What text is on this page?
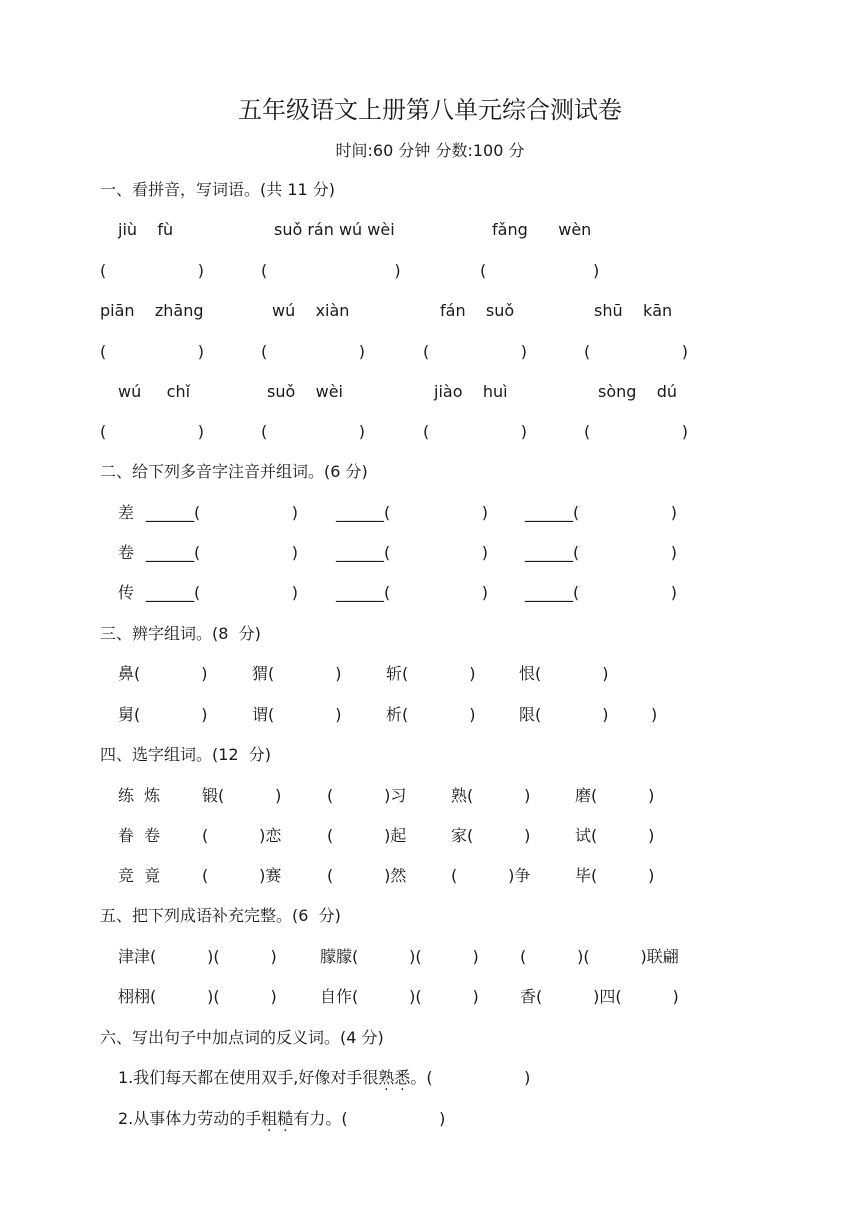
五年级语文上册第八单元综合测试卷
时间:60 分钟 分数:100 分
一、看拼音，写词语。(共 11 分)
jiù    fù	suǒ rán wú wèi	fǎng      wèn
(                  )	(                         )	(                     )
piān    zhāng	wú    xiàn	fán    suǒ	shū    kān
(                  )	(                  )	(                  )	(                  )
wú     chǐ	suǒ    wèi	jiào    huì	sòng    dú
(                  )	(                  )	(                  )	(                  )
二、给下列多音字注音并组词。(6 分)
差 ______(                  ) ______(                  ) ______(                  )
卷 ______(                  ) ______(                  ) ______(                  )
传 ______(                  ) ______(                  ) ______(                  )
三、辨字组词。(8  分)
鼻(            )	猬(            )	斩(            )	恨(            )
舅(            )	谓(            )	析(            )	限(            )	)
四、选字组词。(12  分)
练  炼	锻(          )	(          )习	熟(          )	磨(          )
眷  卷	(          )恋	(          )起	家(          )	试(          )
竞  竟	(          )赛	(          )然	(          )争	毕(          )
五、把下列成语补充完整。(6  分)
津津(          )(          )	朦朦(          )(          )	(          )(          )联翩
栩栩(          )(          )	自作(          )(          )	香(          )四(          )
六、写出句子中加点词的反义词。(4 分)
1.我们每天都在使用双手,好像对手很熟悉。(                  )
2.从事体力劳动的手粗糙有力。(                  )
